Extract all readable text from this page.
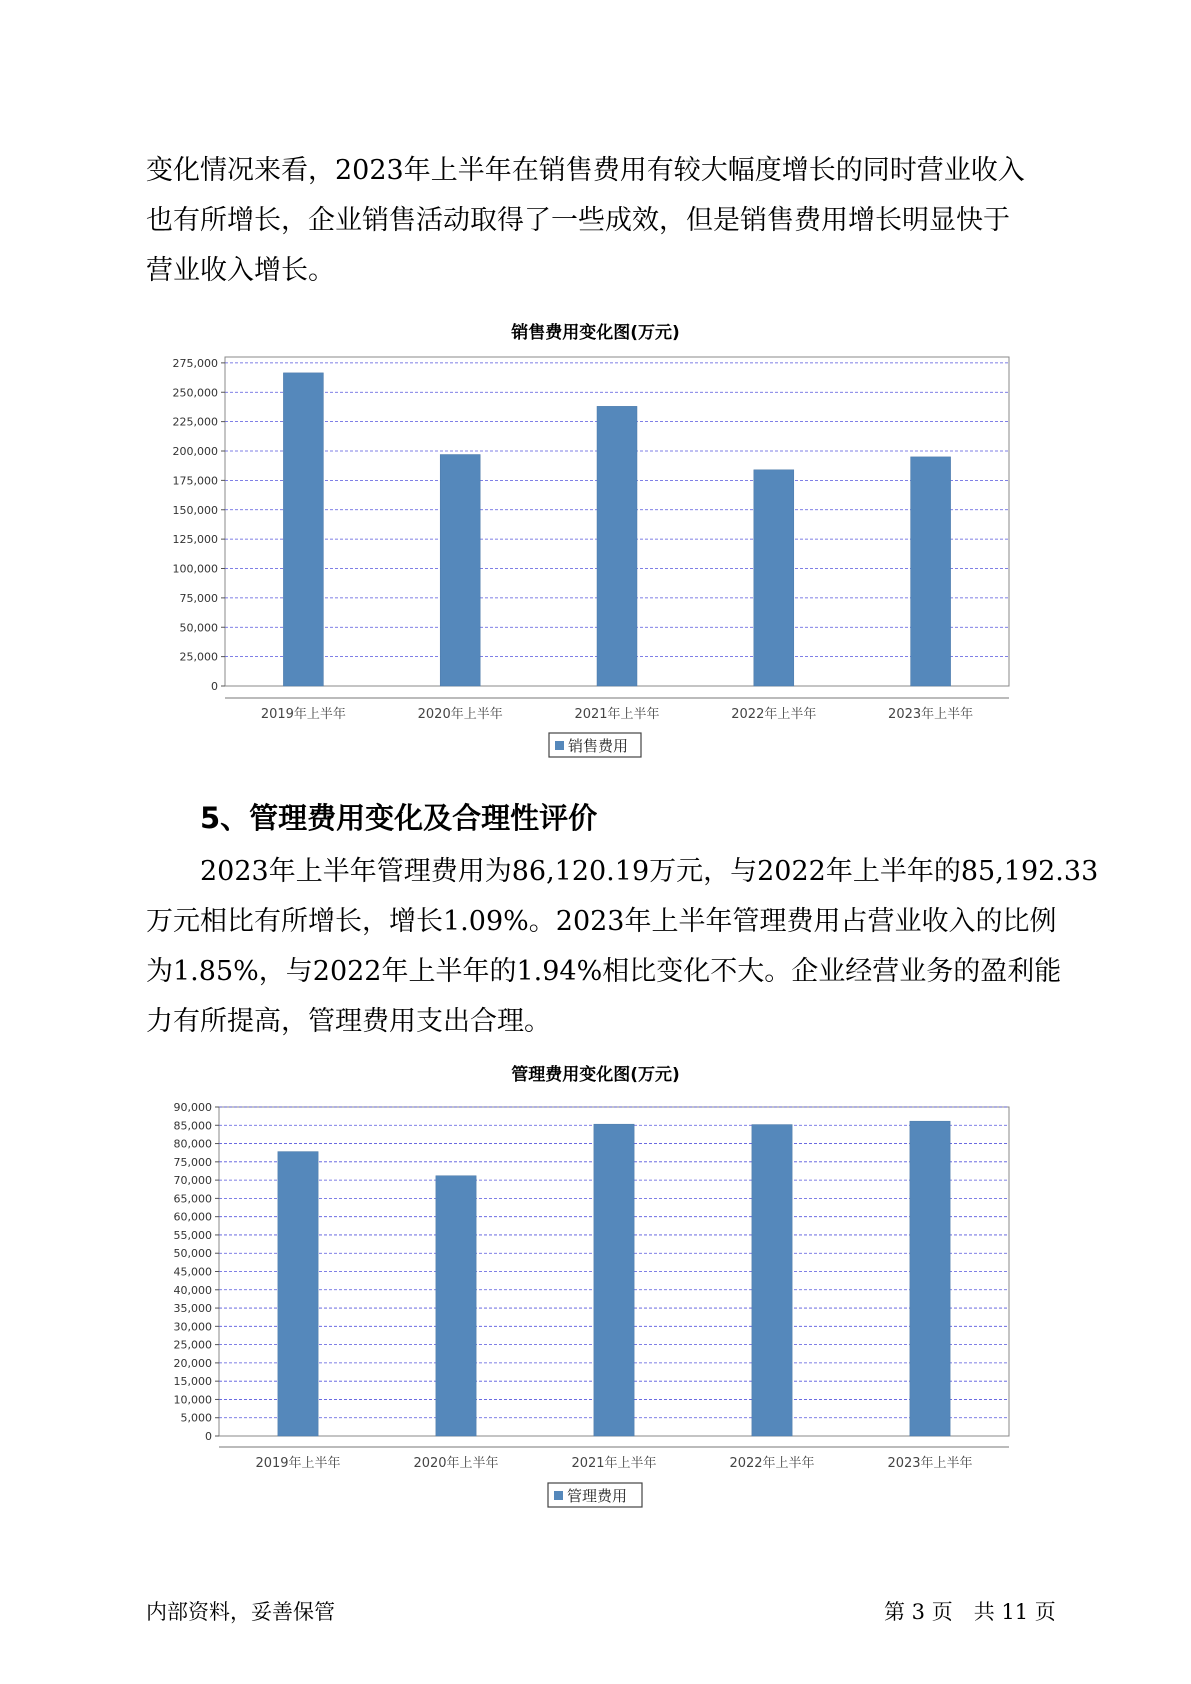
变化情况来看，2023年上半年在销售费用有较大幅度增长的同时营业收入
也有所增长，企业销售活动取得了一些成效，但是销售费用增长明显快于
营业收入增长。
销售费用变化图(万元)
0
25,000
50,000
75,000
100,000
125,000
150,000
175,000
200,000
225,000
250,000
275,000
2019年上半年	2020年上半年	2021年上半年	2022年上半年	2023年上半年
销售费用
5、管理费用变化及合理性评价
　　2023年上半年管理费用为86,120.19万元，与2022年上半年的85,192.33
万元相比有所增长，增长1.09%。2023年上半年管理费用占营业收入的比例
为1.85%，与2022年上半年的1.94%相比变化不大。企业经营业务的盈利能
力有所提高，管理费用支出合理。
管理费用变化图(万元)
0
5,000
10,000
15,000
20,000
25,000
30,000
35,000
40,000
45,000
50,000
55,000
60,000
65,000
70,000
75,000
80,000
85,000
90,000
2019年上半年	2020年上半年	2021年上半年	2022年上半年	2023年上半年
管理费用
内部资料，妥善保管	第 3 页　共 11 页
